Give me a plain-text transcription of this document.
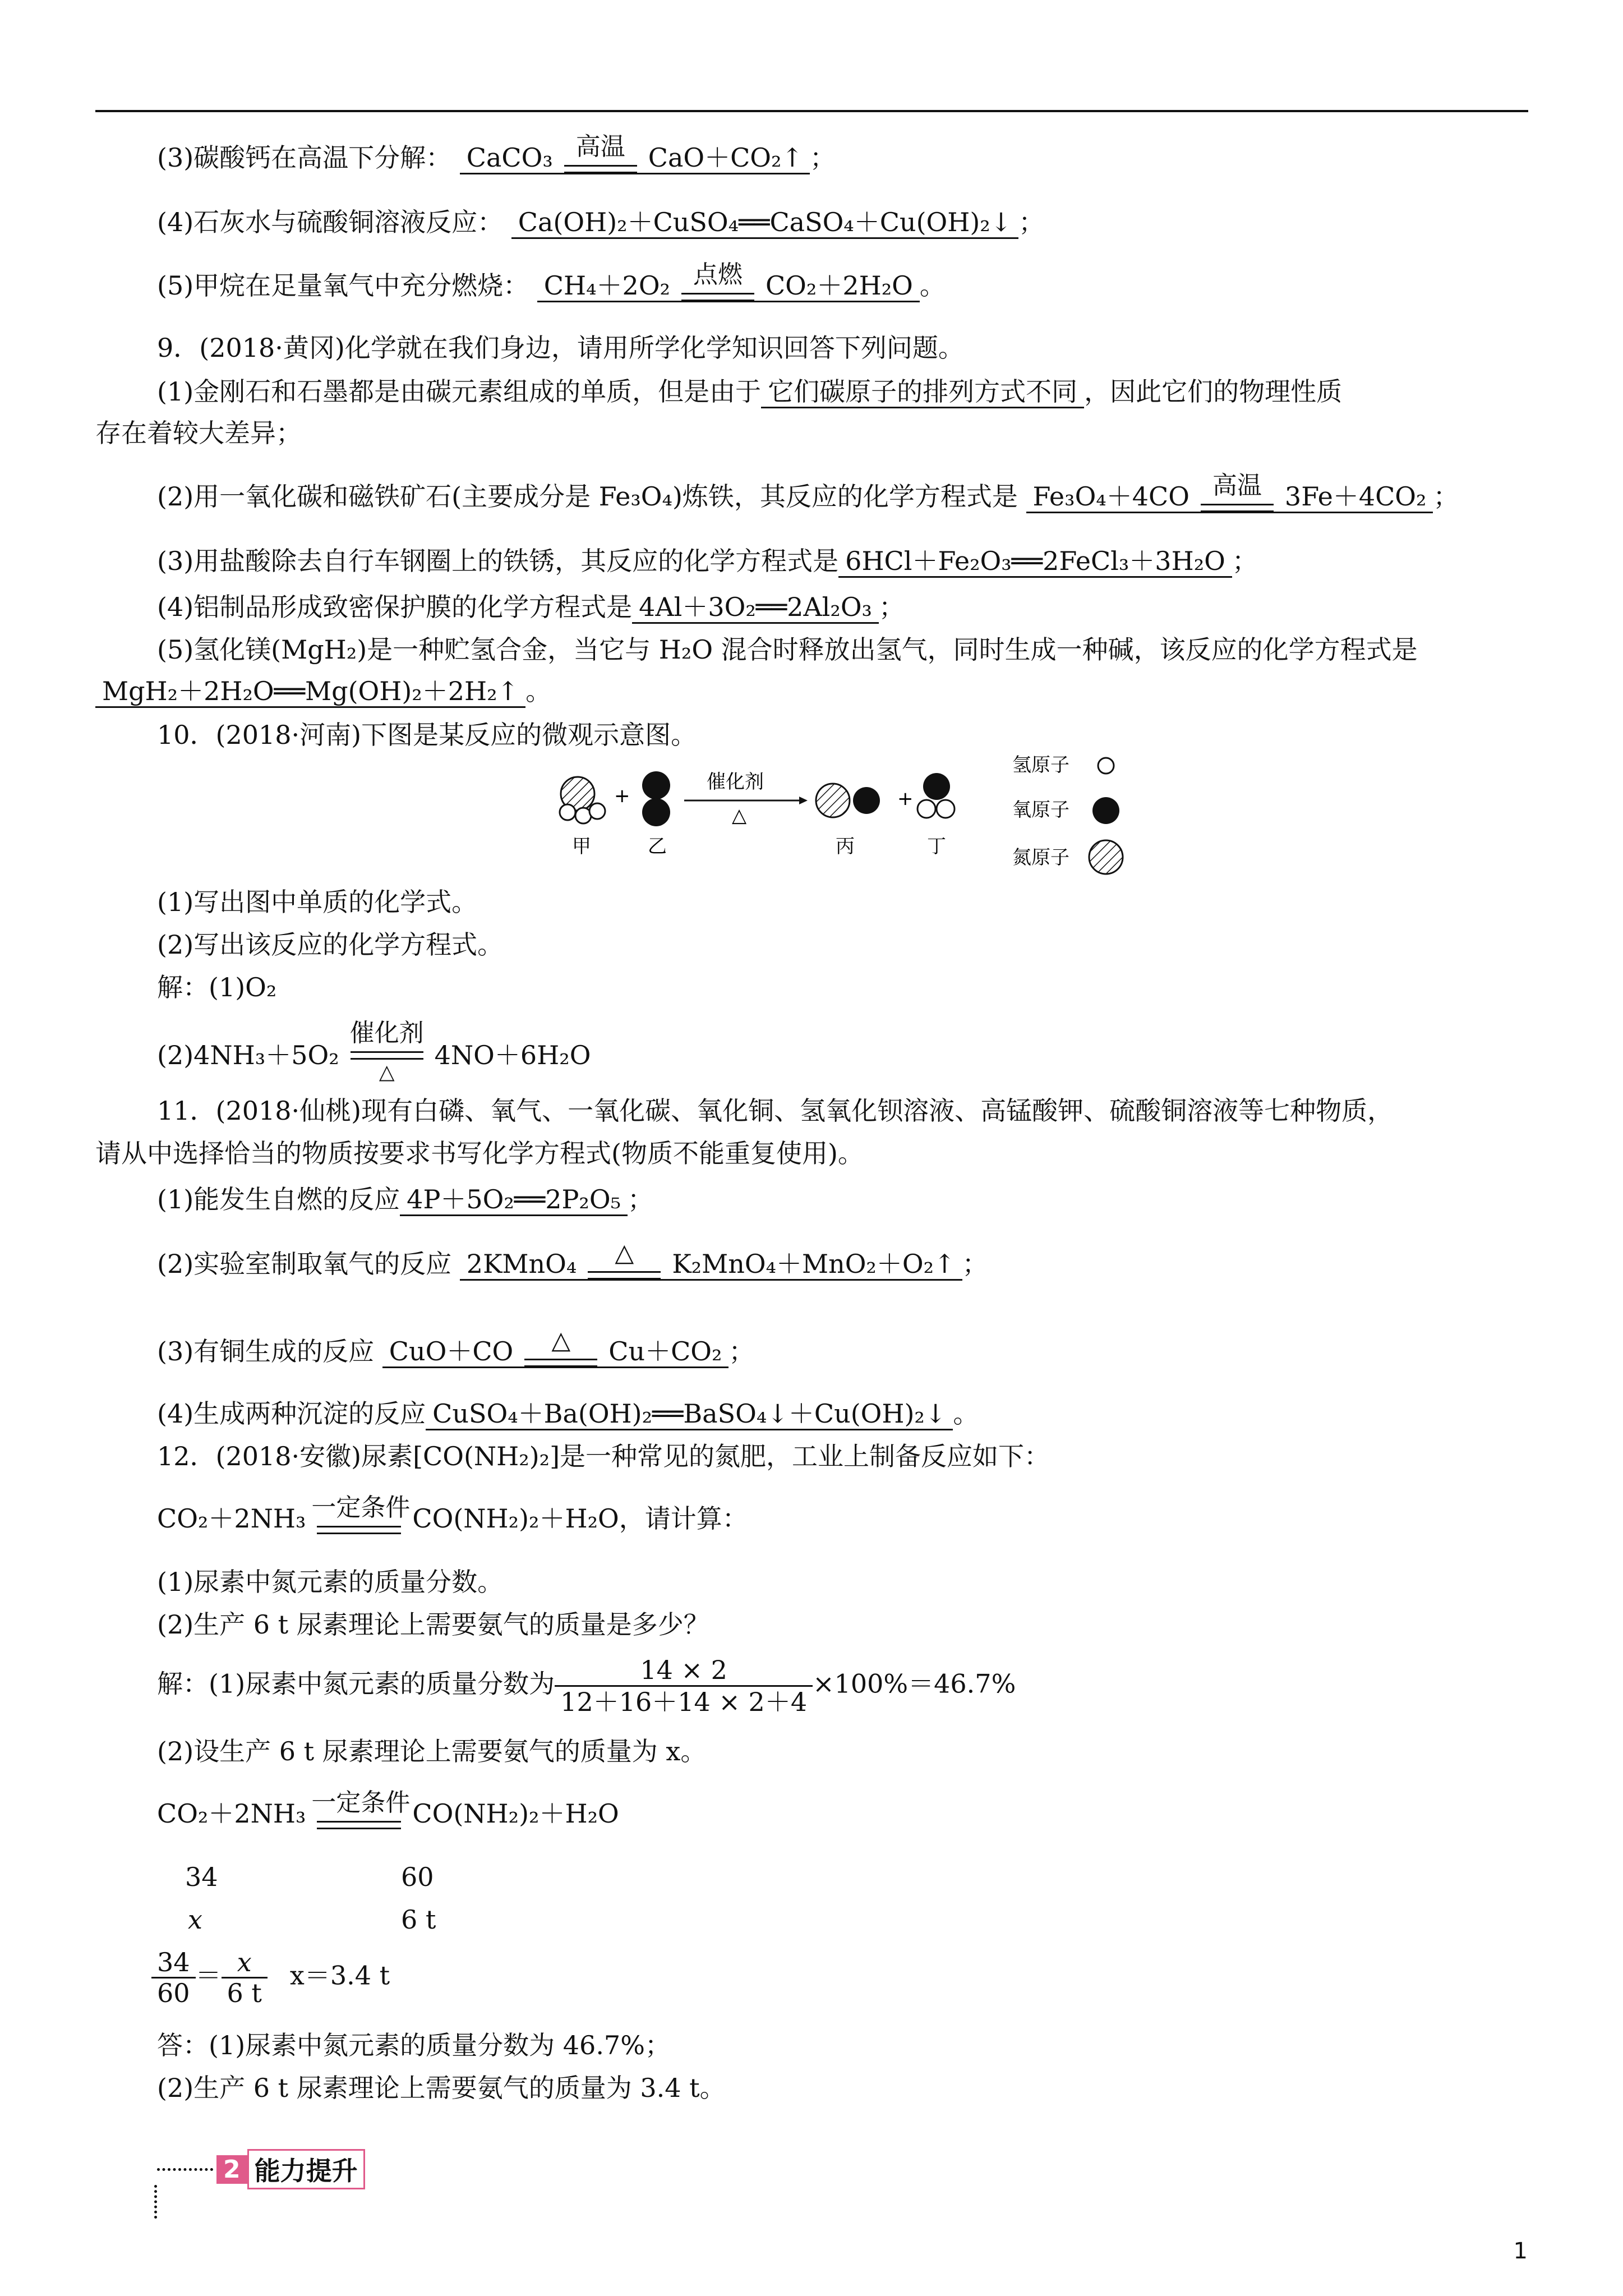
(3)碳酸钙在高温下分解： CaCO₃ 高温 CaO＋CO₂↑ ；
(4)石灰水与硫酸铜溶液反应： Ca(OH)₂＋CuSO₄══CaSO₄＋Cu(OH)₂↓ ；
(5)甲烷在足量氧气中充分燃烧： CH₄＋2O₂ 点燃 CO₂＋2H₂O 。
9．(2018·黄冈)化学就在我们身边，请用所学化学知识回答下列问题。
(1)金刚石和石墨都是由碳元素组成的单质，但是由于 它们碳原子的排列方式不同 ，因此它们的物理性质
存在着较大差异；
(2)用一氧化碳和磁铁矿石(主要成分是 Fe₃O₄)炼铁，其反应的化学方程式是 Fe₃O₄＋4CO 高温 3Fe＋4CO₂ ；
(3)用盐酸除去自行车钢圈上的铁锈，其反应的化学方程式是 6HCl＋Fe₂O₃══2FeCl₃＋3H₂O ；
(4)铝制品形成致密保护膜的化学方程式是 4Al＋3O₂══2Al₂O₃ ；
(5)氢化镁(MgH₂)是一种贮氢合金，当它与 H₂O 混合时释放出氢气，同时生成一种碱，该反应的化学方程式是
MgH₂＋2H₂O══Mg(OH)₂＋2H₂↑ 。
10．(2018·河南)下图是某反应的微观示意图。
+
催化剂
△
+
甲	乙	丙	丁
氢原子
氧原子
氮原子
(1)写出图中单质的化学式。
(2)写出该反应的化学方程式。
解：(1)O₂
(2)4NH₃＋5O₂
催化剂
△
4NO＋6H₂O
11．(2018·仙桃)现有白磷、氧气、一氧化碳、氧化铜、氢氧化钡溶液、高锰酸钾、硫酸铜溶液等七种物质，
请从中选择恰当的物质按要求书写化学方程式(物质不能重复使用)。
(1)能发生自燃的反应 4P＋5O₂══2P₂O₅ ；
(2)实验室制取氧气的反应 2KMnO₄	△	K₂MnO₄＋MnO₂＋O₂↑ ；
(3)有铜生成的反应 CuO＋CO	△	Cu＋CO₂ ；
(4)生成两种沉淀的反应 CuSO₄＋Ba(OH)₂══BaSO₄↓＋Cu(OH)₂↓ 。
12．(2018·安徽)尿素[CO(NH₂)₂]是一种常见的氮肥，工业上制备反应如下：
CO₂＋2NH₃ 一定条件 CO(NH₂)₂＋H₂O，请计算：
(1)尿素中氮元素的质量分数。
(2)生产 6 t 尿素理论上需要氨气的质量是多少？
解：(1)尿素中氮元素的质量分数为 $\frac{14 \times 2}{12+16+14 \times 2+4} \times 100\%=46.7\%$
(2)设生产 6 t 尿素理论上需要氨气的质量为 x。
CO₂＋2NH₃ 一定条件 CO(NH₂)₂＋H₂O
34	60
x	6 t
$\frac{34}{60} = \frac{x}{6 t} x=3.4$ t
答：(1)尿素中氮元素的质量分数为 46.7%；
(2)生产 6 t 尿素理论上需要氨气的质量为 3.4 t。
2 能力提升
1
